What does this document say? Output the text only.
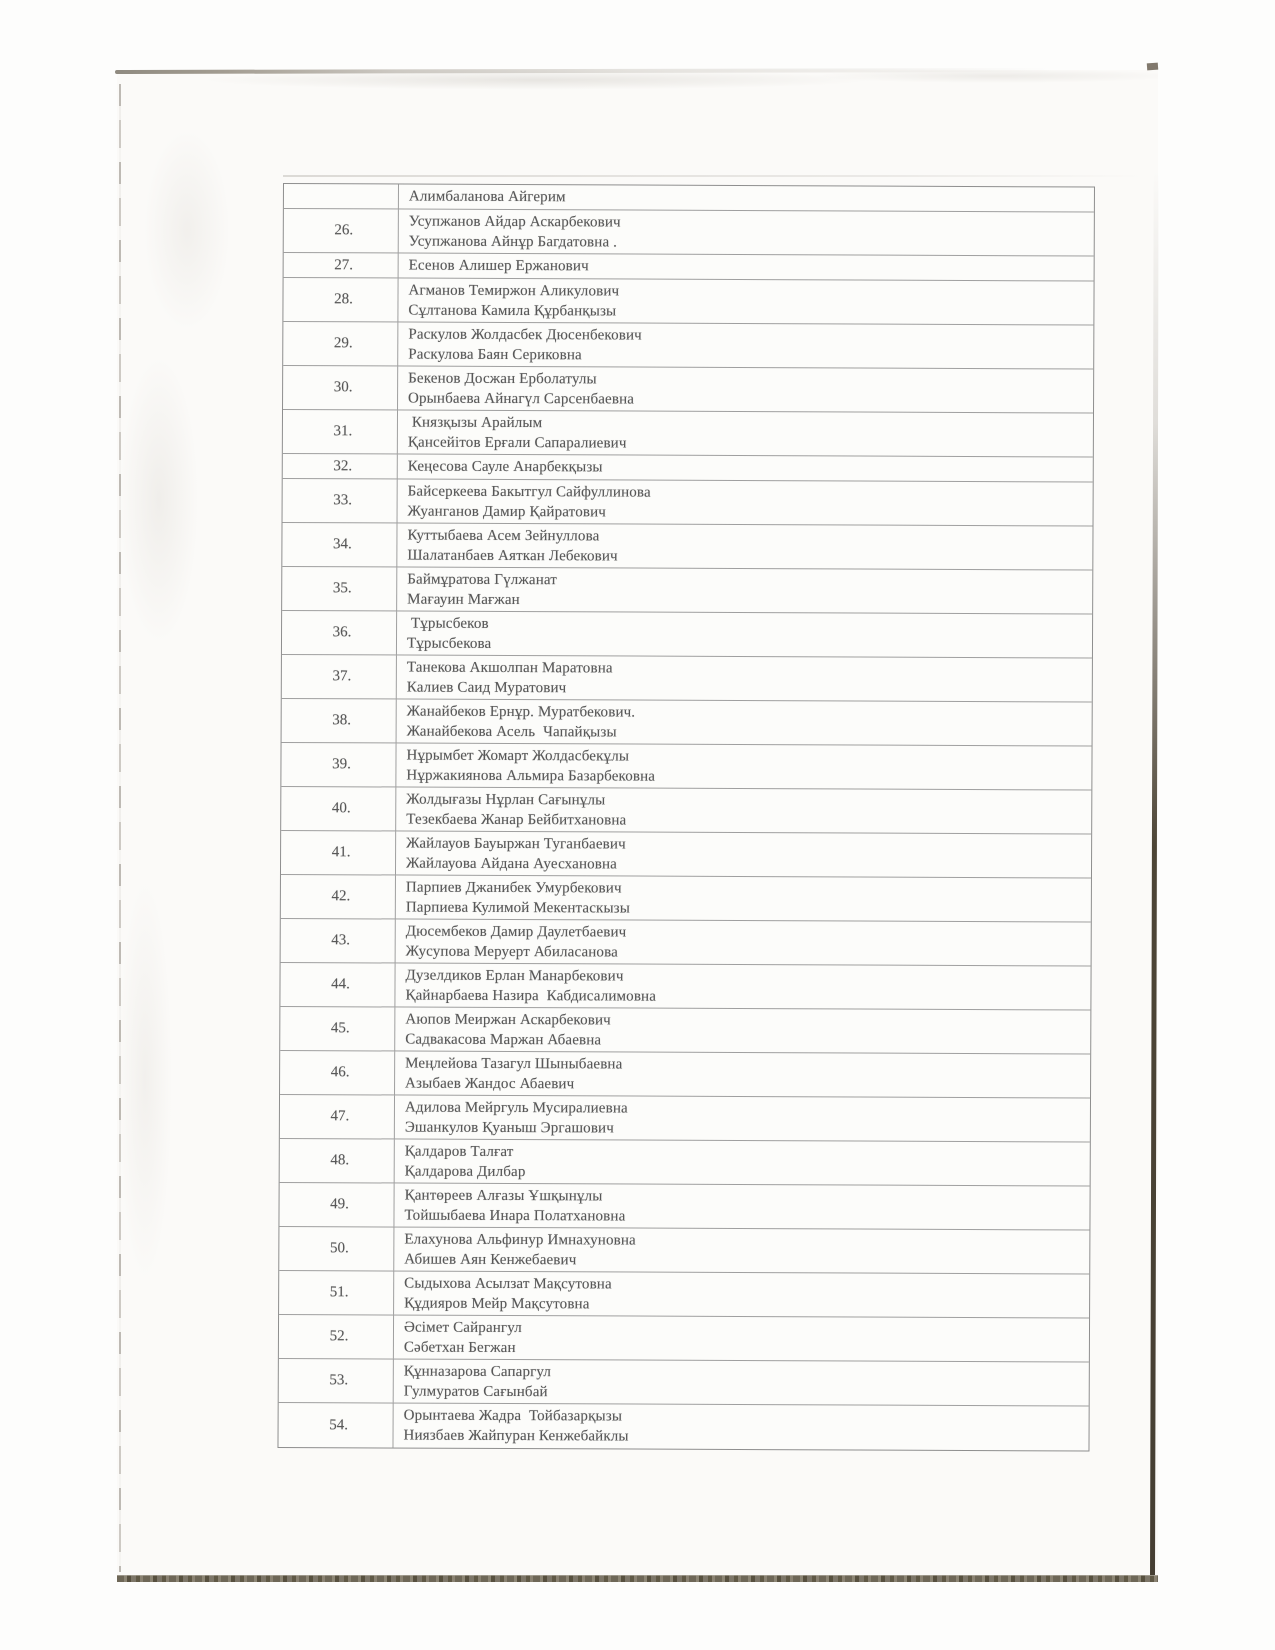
Алимбаланова Айгерим
26.
Усупжанов Айдар Аскарбекович
Усупжанова Айнұр Багдатовна .
27.	Есенов Алишер Ержанович
28.
Агманов Темиржон Аликулович
Сұлтанова Камила Құрбанқызы
29.
Раскулов Жолдасбек Дюсенбекович
Раскулова Баян Сериковна
30.
Бекенов Досжан Ерболатулы
Орынбаева Айнагүл Сарсенбаевна
31.
Князқызы Арайлым
Қансейітов Ерғали Сапаралиевич
32.	Кеңесова Сауле Анарбекқызы
33.
Байсеркеева Бакытгул Сайфуллинова
Жуанганов Дамир Қайратович
34.
Куттыбаева Асем Зейнуллова
Шалатанбаев Аяткан Лебекович
35.
Баймұратова Гүлжанат
Мағауин Мағжан
36.
Тұрысбеков
Тұрысбекова
37.
Танекова Акшолпан Маратовна
Калиев Саид Муратович
38.
Жанайбеков Ернұр. Муратбекович.
Жанайбекова Асель  Чапайқызы
39.
Нұрымбет Жомарт Жолдасбекұлы
Нұржакиянова Альмира Базарбековна
40.
Жолдығазы Нұрлан Сағынұлы
Тезекбаева Жанар Бейбитхановна
41.
Жайлауов Бауыржан Туганбаевич
Жайлауова Айдана Ауесхановна
42.
Парпиев Джанибек Умурбекович
Парпиева Кулимой Мекентаскызы
43.
Дюсембеков Дамир Даулетбаевич
Жусупова Меруерт Абиласанова
44.
Дузелдиков Ерлан Манарбекович
Қайнарбаева Назира  Кабдисалимовна
45.
Аюпов Меиржан Аскарбекович
Садвакасова Маржан Абаевна
46.
Меңлейова Тазагул Шыныбаевна
Азыбаев Жандос Абаевич
47.
Адилова Мейргуль Мусиралиевна
Эшанкулов Қуаныш Эргашович
48.
Қалдаров Талғат
Қалдарова Дилбар
49.
Қантөреев Алғазы Ұшқынұлы
Тойшыбаева Инара Полатхановна
50.
Елахунова Альфинур Имнахуновна
Абишев Аян Кенжебаевич
51.
Сыдыхова Асылзат Мақсутовна
Құдияров Мейр Мақсутовна
52.
Әсімет Сайрангул
Сәбетхан Бегжан
53.
Құнназарова Сапаргул
Гулмуратов Сағынбай
54.
Орынтаева Жадра  Тойбазарқызы
Ниязбаев Жайпуран Кенжебайклы
